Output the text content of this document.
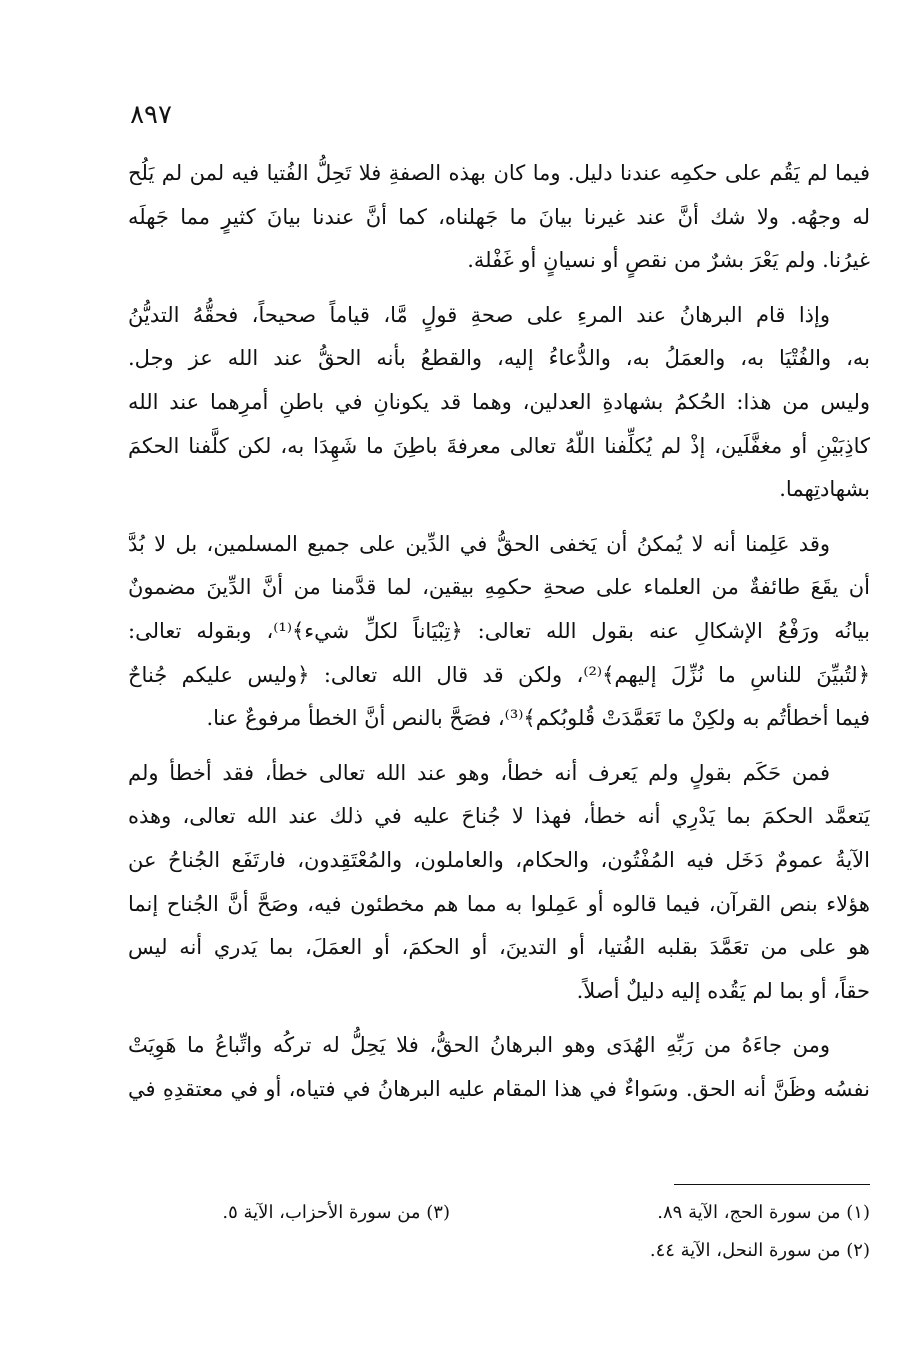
٨٩٧
فيما لم يَقُم على حكمِه عندنا دليل. وما كان بهذه الصفةِ فلا تَحِلُّ الفُتيا فيه لمن لم يَلُح
له وجهُه. ولا شك أنَّ عند غيرنا بيانَ ما جَهلناه، كما أنَّ عندنا بيانَ كثيرٍ مما جَهلَه
غيرُنا. ولم يَعْرَ بشرٌ من نقصٍ أو نسيانٍ أو غَفْلة.
وإذا قام البرهانُ عند المرءِ على صحةِ قولٍ مَّا، قياماً صحيحاً، فحقُّهُ التديُّنُ
به، والفُتْيَا به، والعمَلُ به، والدُّعاءُ إليه، والقطعُ بأنه الحقُّ عند الله عز وجل.
وليس من هذا: الحُكمُ بشهادةِ العدلين، وهما قد يكونانِ في باطنِ أمرِهما عند الله
كاذِبَيْنِ أو مغفَّلَين، إذْ لم يُكلِّفنا اللّهُ تعالى معرفةَ باطِنَ ما شَهِدَا به، لكن كلَّفنا الحكمَ
بشهادتِهما.
وقد عَلِمنا أنه لا يُمكنُ أن يَخفى الحقُّ في الدِّين على جميع المسلمين، بل لا بُدَّ
أن يقَعَ طائفةٌ من العلماء على صحةِ حكمِهِ بيقين، لما قدَّمنا من أنَّ الدِّينَ مضمونٌ
بيانُه ورَفْعُ الإشكالِ عنه بقول الله تعالى: ﴿تِبْيَاناً لكلِّ شيء﴾⁽¹⁾، وبقوله تعالى:
﴿لتُبيِّنَ للناسِ ما نُزِّلَ إليهم﴾⁽²⁾، ولكن قد قال الله تعالى: ﴿وليس عليكم جُناحٌ
فيما أخطأتُم به ولكِنْ ما تَعَمَّدَتْ قُلوبُكم﴾⁽³⁾، فصَحَّ بالنص أنَّ الخطأ مرفوعٌ عنا.
فمن حَكَم بقولٍ ولم يَعرف أنه خطأ، وهو عند الله تعالى خطأ، فقد أخطأ ولم
يَتعمَّد الحكمَ بما يَدْرِي أنه خطأ، فهذا لا جُناحَ عليه في ذلك عند الله تعالى، وهذه
الآيةُ عمومٌ دَخَل فيه المُفْتُون، والحكام، والعاملون، والمُعْتَقِدون، فارتَفَع الجُناحُ عن
هؤلاء بنص القرآن، فيما قالوه أو عَمِلوا به مما هم مخطئون فيه، وصَحَّ أنَّ الجُناح إنما
هو على من تعَمَّدَ بقلبه الفُتيا، أو التدينَ، أو الحكمَ، أو العمَلَ، بما يَدري أنه ليس
حقاً، أو بما لم يَقُده إليه دليلٌ أصلاً.
ومن جاءَهُ من رَبِّهِ الهُدَى وهو البرهانُ الحقُّ، فلا يَحِلُّ له تركُه واتِّباعُ ما هَوِيَتْ
نفسُه وظَنَّ أنه الحق. وسَواءٌ في هذا المقام عليه البرهانُ في فتياه، أو في معتقدِهِ في
(١) من سورة الحج، الآية ٨٩.
(٣) من سورة الأحزاب، الآية ٥.
(٢) من سورة النحل، الآية ٤٤.
